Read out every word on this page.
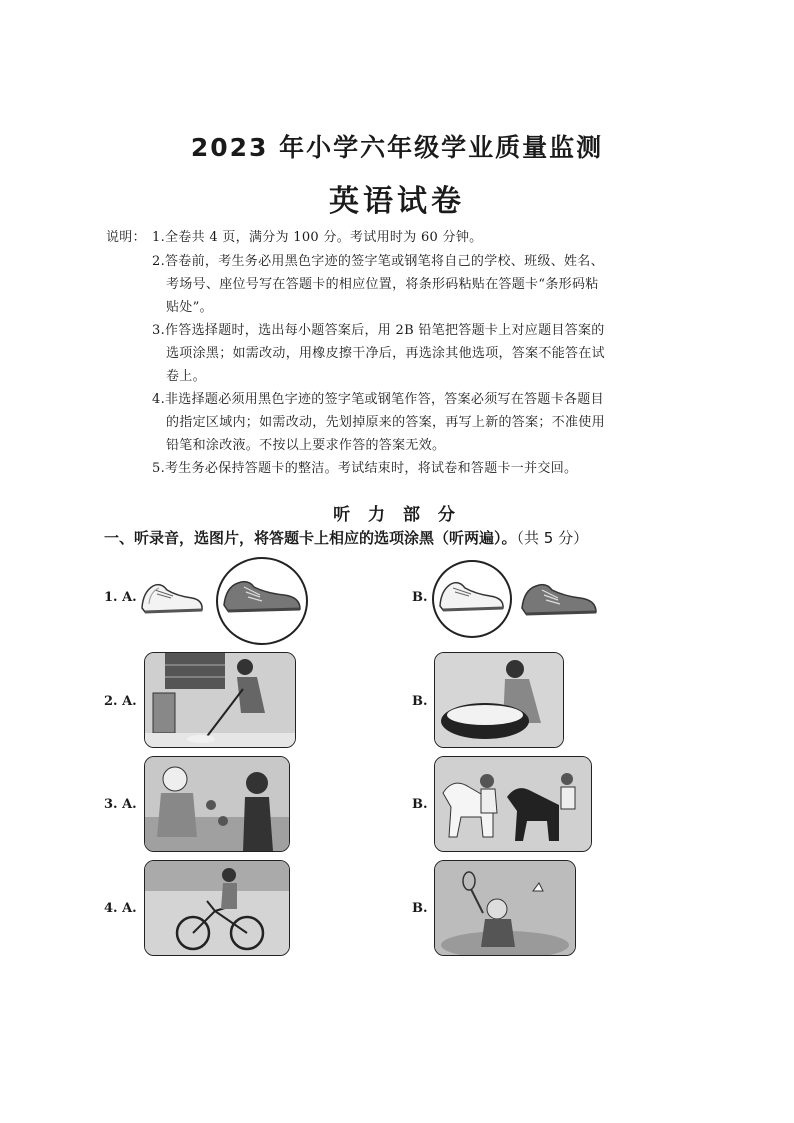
2023 年小学六年级学业质量监测
英语试卷
说明： 1.全卷共 4 页，满分为 100 分。考试用时为 60 分钟。
2.答卷前，考生务必用黑色字迹的签字笔或钢笔将自己的学校、班级、姓名、
考场号、座位号写在答题卡的相应位置，将条形码粘贴在答题卡“条形码粘
贴处”。
3.作答选择题时，选出每小题答案后，用 2B 铅笔把答题卡上对应题目答案的
选项涂黑；如需改动，用橡皮擦干净后，再选涂其他选项，答案不能答在试
卷上。
4.非选择题必须用黑色字迹的签字笔或钢笔作答，答案必须写在答题卡各题目
的指定区域内；如需改动，先划掉原来的答案，再写上新的答案；不准使用
铅笔和涂改液。不按以上要求作答的答案无效。
5.考生务必保持答题卡的整洁。考试结束时，将试卷和答题卡一并交回。
听 力 部 分
一、听录音，选图片，将答题卡上相应的选项涂黑（听两遍）。（共 5 分）
1. A.	B.
2. A.	B.
3. A.	B.
4. A.	B.
